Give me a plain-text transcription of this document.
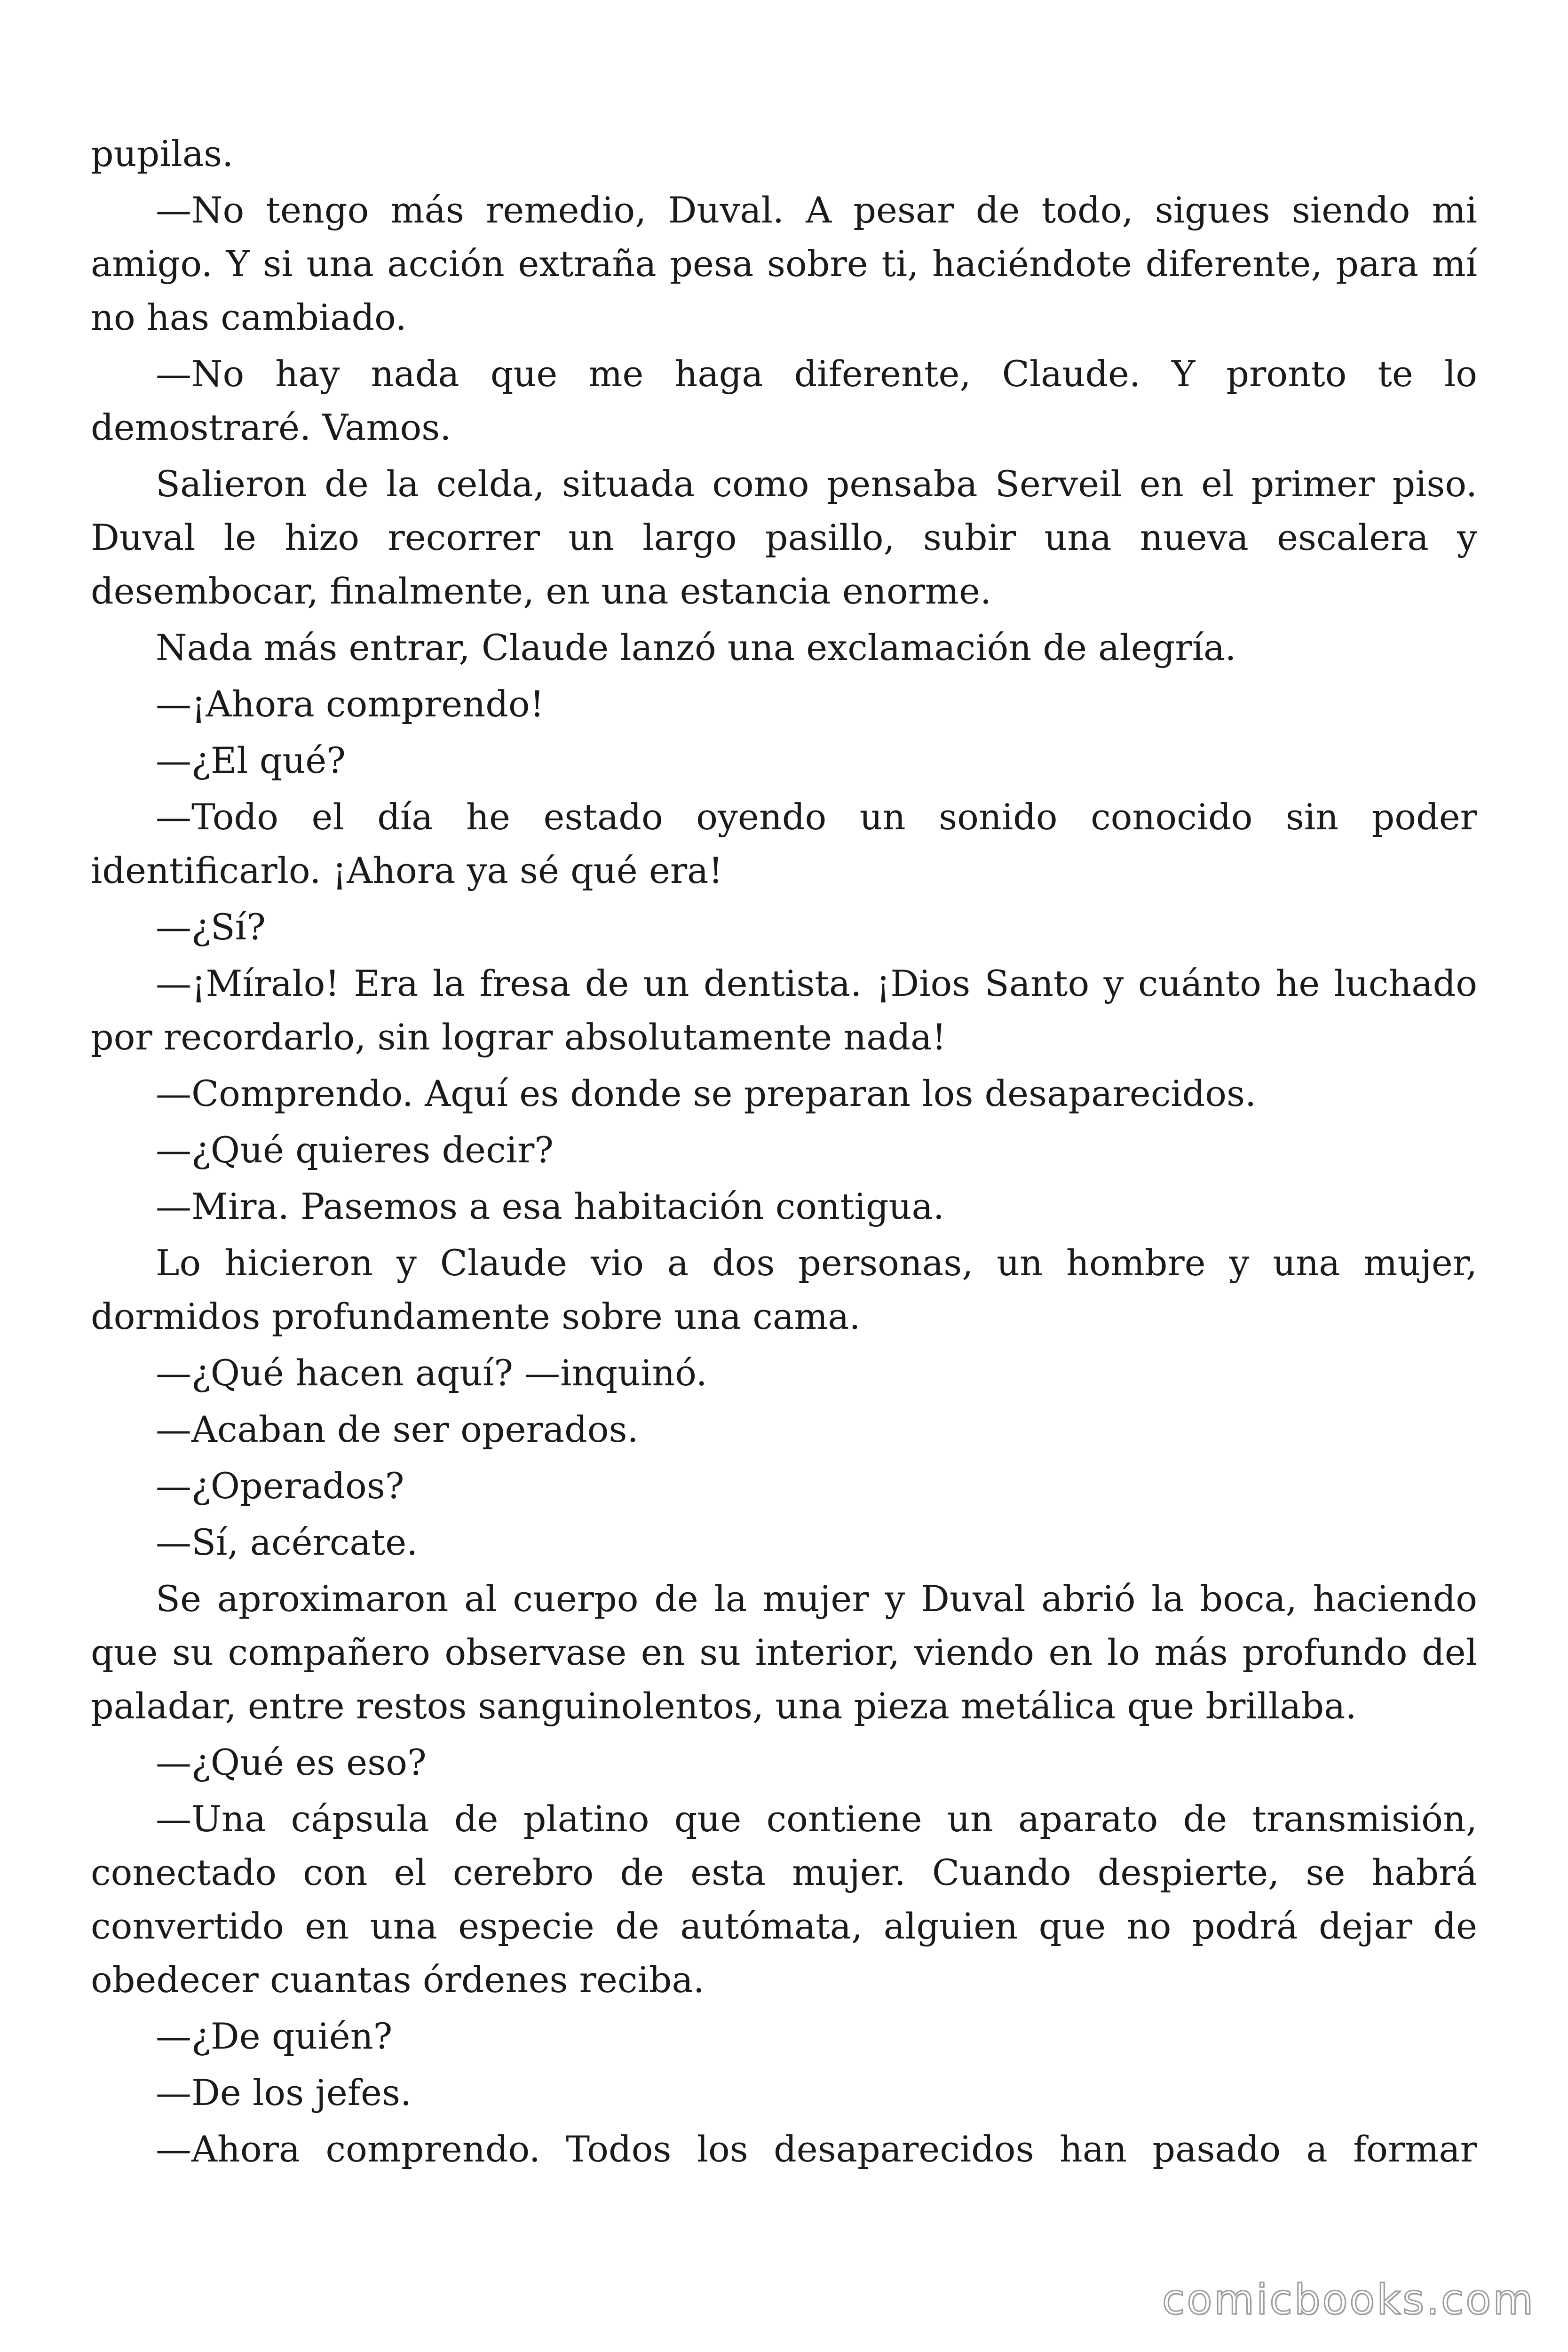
pupilas.

—No tengo más remedio, Duval. A pesar de todo, sigues siendo mi amigo. Y si una acción extraña pesa sobre ti, haciéndote diferente, para mí no has cambiado.

—No hay nada que me haga diferente, Claude. Y pronto te lo demostraré. Vamos.

Salieron de la celda, situada como pensaba Serveil en el primer piso. Duval le hizo recorrer un largo pasillo, subir una nueva escalera y desembocar, finalmente, en una estancia enorme.

Nada más entrar, Claude lanzó una exclamación de alegría.

—¡Ahora comprendo!

—¿El qué?

—Todo el día he estado oyendo un sonido conocido sin poder identificarlo. ¡Ahora ya sé qué era!

—¿Sí?

—¡Míralo! Era la fresa de un dentista. ¡Dios Santo y cuánto he luchado por recordarlo, sin lograr absolutamente nada!

—Comprendo. Aquí es donde se preparan los desaparecidos.

—¿Qué quieres decir?

—Mira. Pasemos a esa habitación contigua.

Lo hicieron y Claude vio a dos personas, un hombre y una mujer, dormidos profundamente sobre una cama.

—¿Qué hacen aquí? —inquinó.

—Acaban de ser operados.

—¿Operados?

—Sí, acércate.

Se aproximaron al cuerpo de la mujer y Duval abrió la boca, haciendo que su compañero observase en su interior, viendo en lo más profundo del paladar, entre restos sanguinolentos, una pieza metálica que brillaba.

—¿Qué es eso?

—Una cápsula de platino que contiene un aparato de transmisión, conectado con el cerebro de esta mujer. Cuando despierte, se habrá convertido en una especie de autómata, alguien que no podrá dejar de obedecer cuantas órdenes reciba.

—¿De quién?

—De los jefes.

—Ahora comprendo. Todos los desaparecidos han pasado a formar

comicbooks.com
